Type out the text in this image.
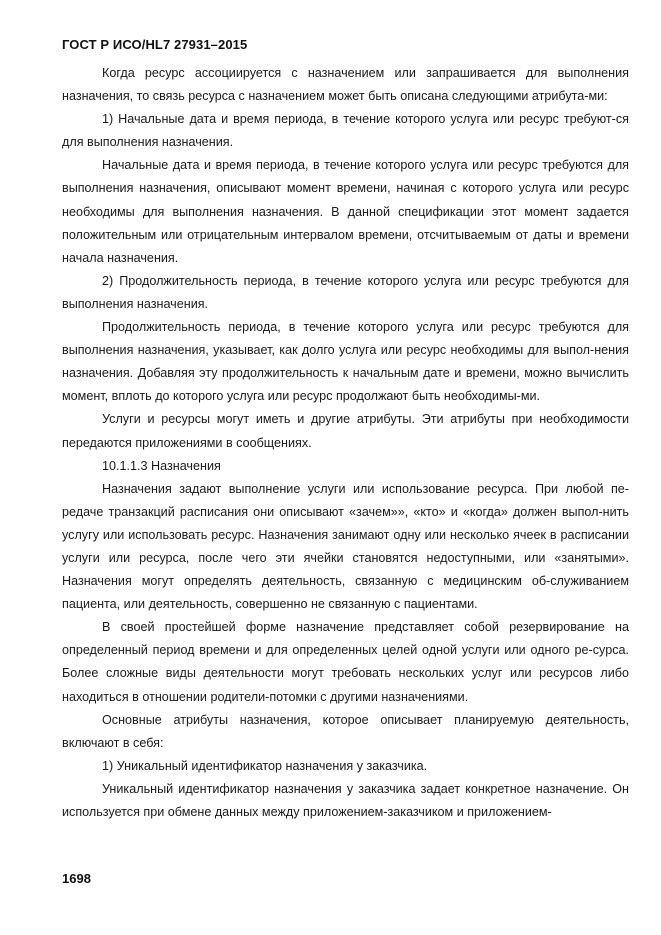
ГОСТ Р ИСО/HL7 27931–2015

Когда ресурс ассоциируется с назначением или запрашивается для выполнения назначения, то связь ресурса с назначением может быть описана следующими атрибута-ми:

1) Начальные дата и время периода, в течение которого услуга или ресурс требуют-ся для выполнения назначения.

Начальные дата и время периода, в течение которого услуга или ресурс требуются для выполнения назначения, описывают момент времени, начиная с которого услуга или ресурс необходимы для выполнения назначения. В данной спецификации этот момент задается положительным или отрицательным интервалом времени, отсчитываемым от даты и времени начала назначения.

2) Продолжительность периода, в течение которого услуга или ресурс требуются для выполнения назначения.

Продолжительность периода, в течение которого услуга или ресурс требуются для выполнения назначения, указывает, как долго услуга или ресурс необходимы для выпол-нения назначения. Добавляя эту продолжительность к начальным дате и времени, можно вычислить момент, вплоть до которого услуга или ресурс продолжают быть необходимы-ми.

Услуги и ресурсы могут иметь и другие атрибуты. Эти атрибуты при необходимости передаются приложениями в сообщениях.

10.1.1.3 Назначения

Назначения задают выполнение услуги или использование ресурса. При любой пе-редаче транзакций расписания они описывают «зачем»», «кто» и «когда» должен выпол-нить услугу или использовать ресурс. Назначения занимают одну или несколько ячеек в расписании услуги или ресурса, после чего эти ячейки становятся недоступными, или «занятыми». Назначения могут определять деятельность, связанную с медицинским об-служиванием пациента, или деятельность, совершенно не связанную с пациентами.

В своей простейшей форме назначение представляет собой резервирование на определенный период времени и для определенных целей одной услуги или одного ре-сурса. Более сложные виды деятельности могут требовать нескольких услуг или ресурсов либо находиться в отношении родители-потомки с другими назначениями.

Основные атрибуты назначения, которое описывает планируемую деятельность, включают в себя:

1) Уникальный идентификатор назначения у заказчика.

Уникальный идентификатор назначения у заказчика задает конкретное назначение. Он используется при обмене данных между приложением-заказчиком и приложением-

1698
